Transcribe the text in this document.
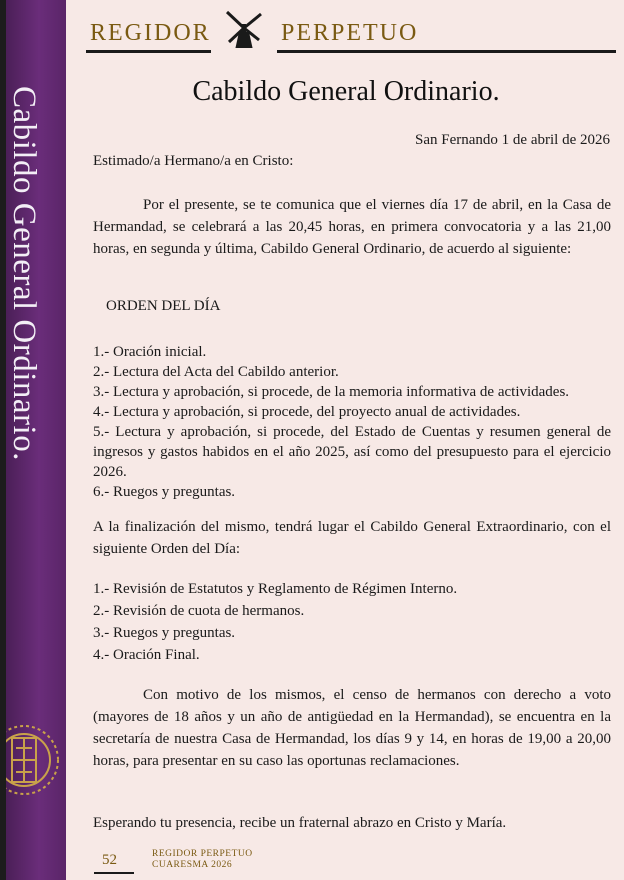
Cabildo General Ordinario.
REGIDOR	PERPETUO
Cabildo General Ordinario.
San Fernando 1 de abril de 2026
Estimado/a Hermano/a en Cristo:
Por el presente, se te comunica que el viernes día 17 de abril, en la Casa de Hermandad, se celebrará a las 20,45 horas, en primera convocatoria y a las 21,00 horas, en segunda y última, Cabildo General Ordinario, de acuerdo al siguiente:
ORDEN DEL DÍA
1.- Oración inicial.
2.- Lectura del Acta del Cabildo anterior.
3.- Lectura y aprobación, si procede, de la memoria informativa de actividades.
4.- Lectura y aprobación, si procede, del proyecto anual de actividades.
5.- Lectura y aprobación, si procede, del Estado de Cuentas y resumen general de ingresos y gastos habidos en el año 2025, así como del presupuesto para el ejercicio 2026.
6.- Ruegos y preguntas.
A la finalización del mismo, tendrá lugar el Cabildo General Extraordinario, con el siguiente Orden del Día:
1.- Revisión de Estatutos y Reglamento de Régimen Interno.
2.- Revisión de cuota de hermanos.
3.- Ruegos y preguntas.
4.- Oración Final.
Con motivo de los mismos, el censo de hermanos con derecho a voto (mayores de 18 años y un año de antigüedad en la Hermandad), se encuentra en la secretaría de nuestra Casa de Hermandad, los días 9 y 14, en horas de 19,00 a 20,00 horas, para presentar en su caso las oportunas reclamaciones.
Esperando tu presencia, recibe un fraternal abrazo en Cristo y María.
52	REGIDOR PERPETUO
CUARESMA 2026
